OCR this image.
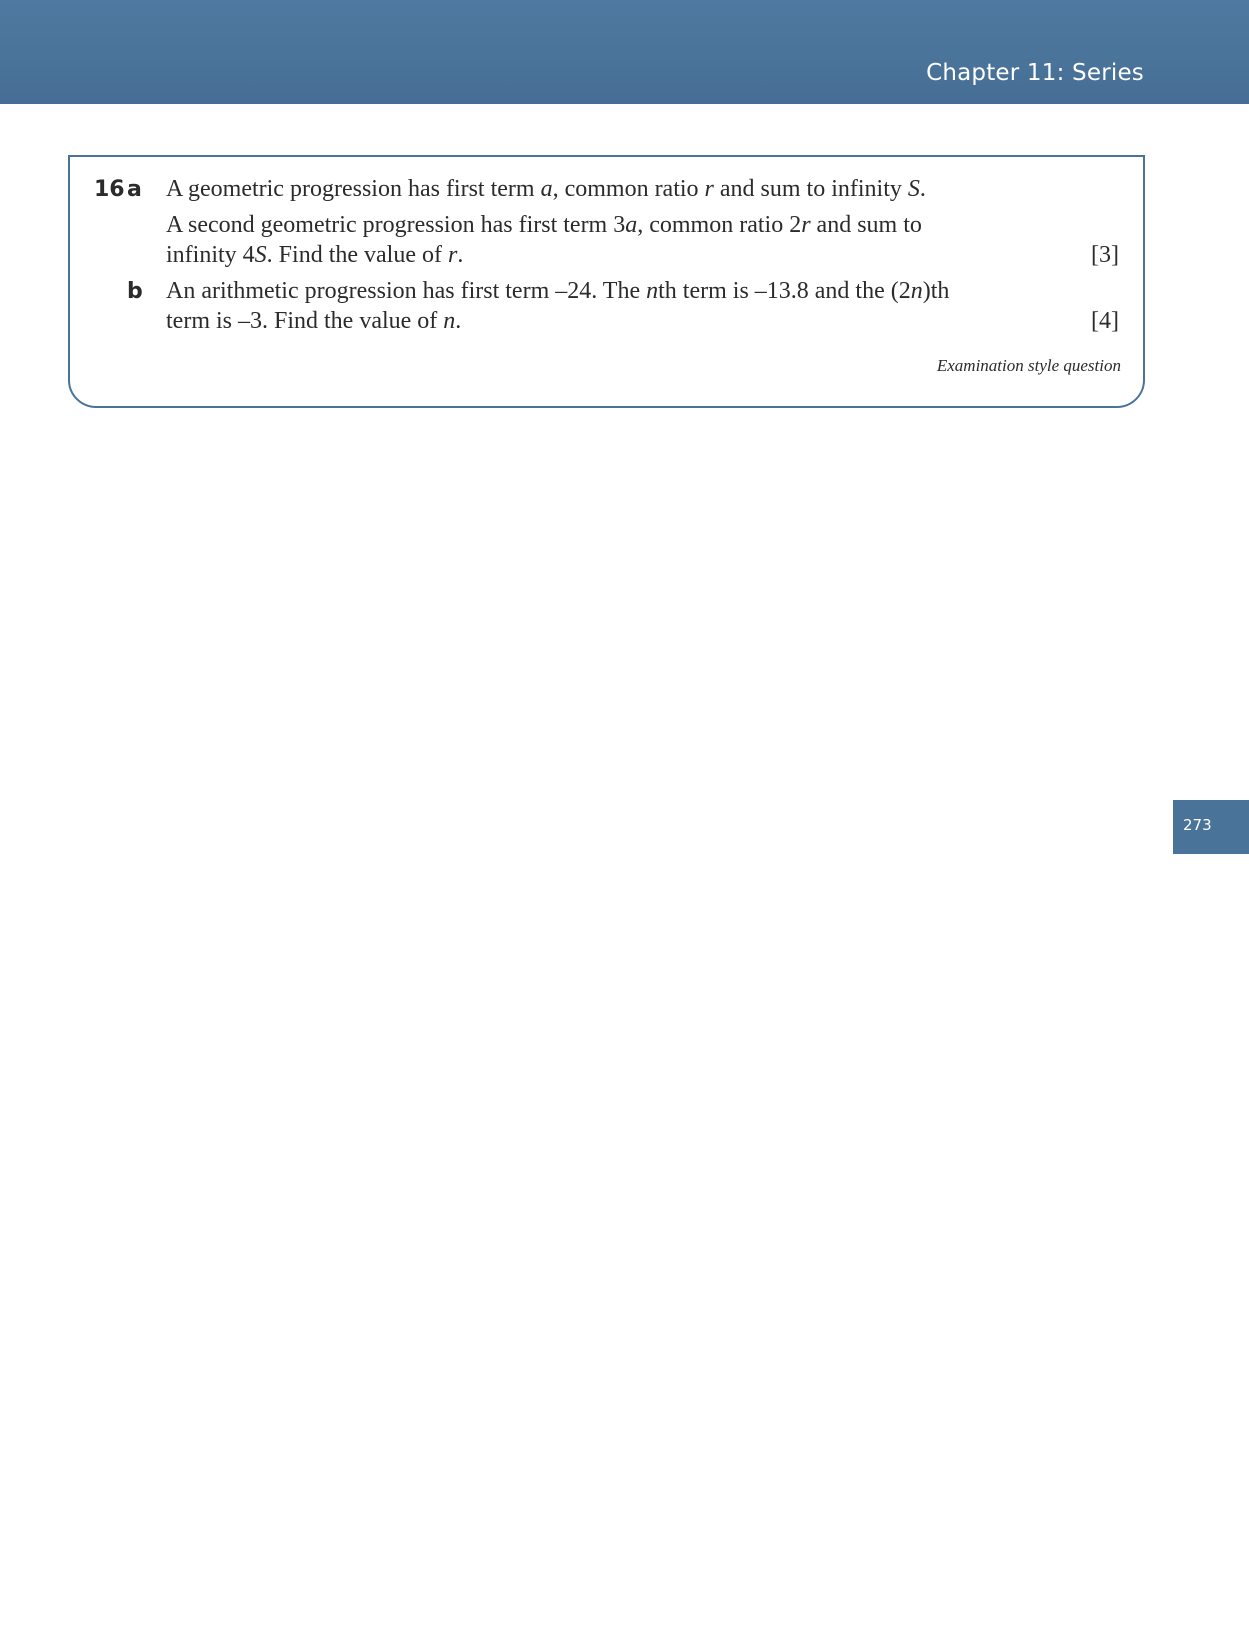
Chapter 11: Series
16 a A geometric progression has first term a, common ratio r and sum to infinity S.
A second geometric progression has first term 3a, common ratio 2r and sum to
infinity 4S. Find the value of r.	[3]
b An arithmetic progression has first term –24. The nth term is –13.8 and the (2n)th
term is –3. Find the value of n.	[4]
Examination style question
273
